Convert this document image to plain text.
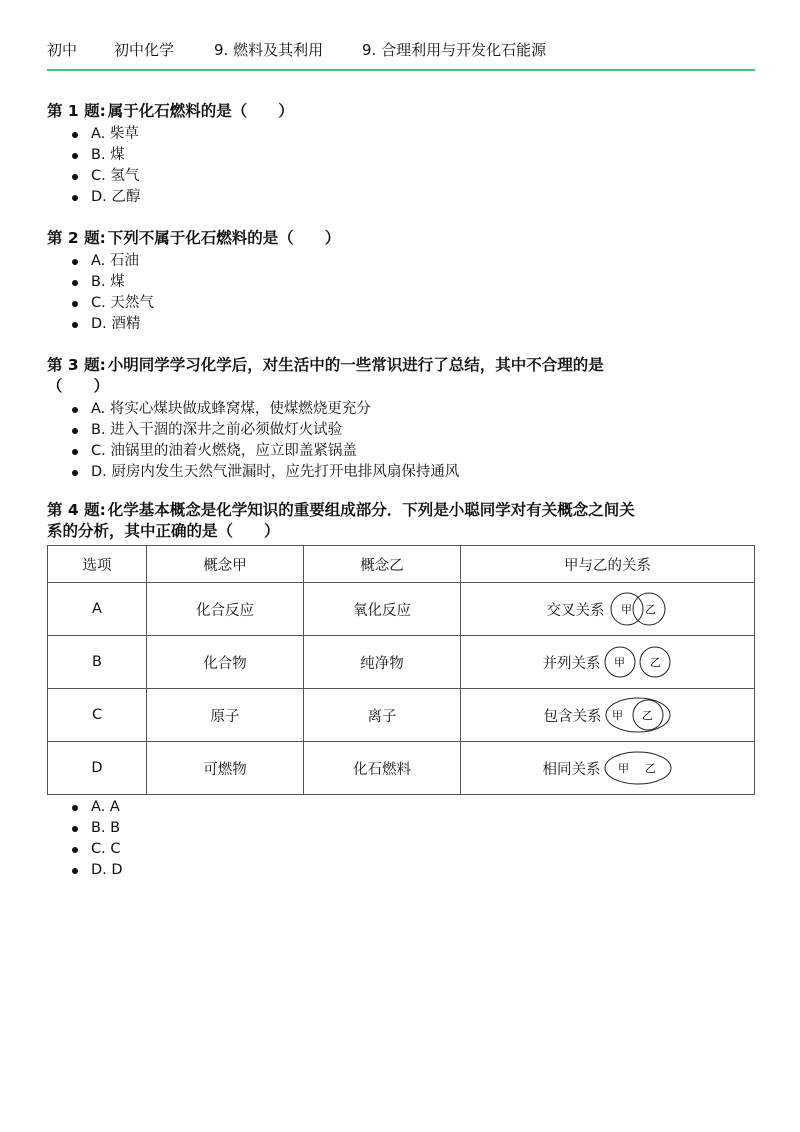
初中 初中化学	9. 燃料及其利用	9. 合理利用与开发化石能源

第 1 题: 属于化石燃料的是（　　）

A. 柴草
B. 煤
C. 氢气
D. 乙醇

第 2 题: 下列不属于化石燃料的是（　　）

A. 石油
B. 煤
C. 天然气
D. 酒精

第 3 题: 小明同学学习化学后，对生活中的一些常识进行了总结，其中不合理的是
（　　）

A. 将实心煤块做成蜂窝煤，使煤燃烧更充分
B. 进入干涸的深井之前必须做灯火试验
C. 油锅里的油着火燃烧，应立即盖紧锅盖
D. 厨房内发生天然气泄漏时，应先打开电排风扇保持通风

第 4 题: 化学基本概念是化学知识的重要组成部分．下列是小聪同学对有关概念之间关
系的分析，其中正确的是（　　）

选项	概念甲	概念乙	甲与乙的关系
A	化合反应	氧化反应	交叉关系 甲 乙

B	化合物	纯净物	并列关系 甲 乙

C	原子	离子	包含关系 甲 乙

D	可燃物	化石燃料	相同关系 甲 乙
A. A
B. B
C. C
D. D
